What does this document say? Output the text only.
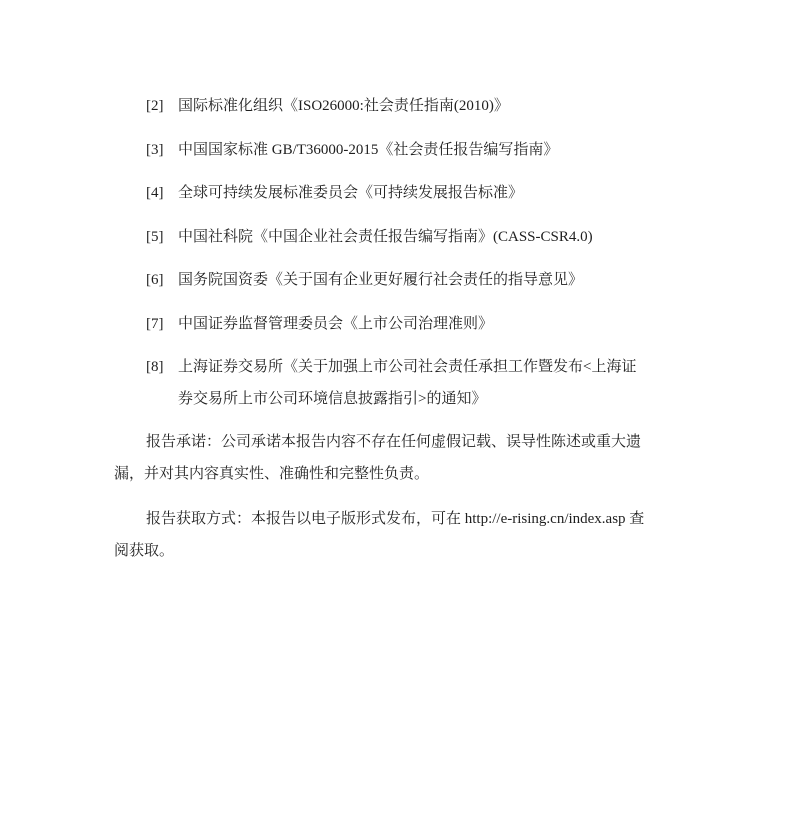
[2] 国际标准化组织《ISO26000:社会责任指南(2010)》
[3] 中国国家标准 GB/T36000-2015《社会责任报告编写指南》
[4] 全球可持续发展标准委员会《可持续发展报告标准》
[5] 中国社科院《中国企业社会责任报告编写指南》(CASS-CSR4.0)
[6] 国务院国资委《关于国有企业更好履行社会责任的指导意见》
[7] 中国证券监督管理委员会《上市公司治理准则》
[8] 上海证券交易所《关于加强上市公司社会责任承担工作暨发布<上海证
券交易所上市公司环境信息披露指引>的通知》
报告承诺：公司承诺本报告内容不存在任何虚假记载、误导性陈述或重大遗
漏，并对其内容真实性、准确性和完整性负责。
报告获取方式：本报告以电子版形式发布，可在 http://e-rising.cn/index.asp 查
阅获取。
